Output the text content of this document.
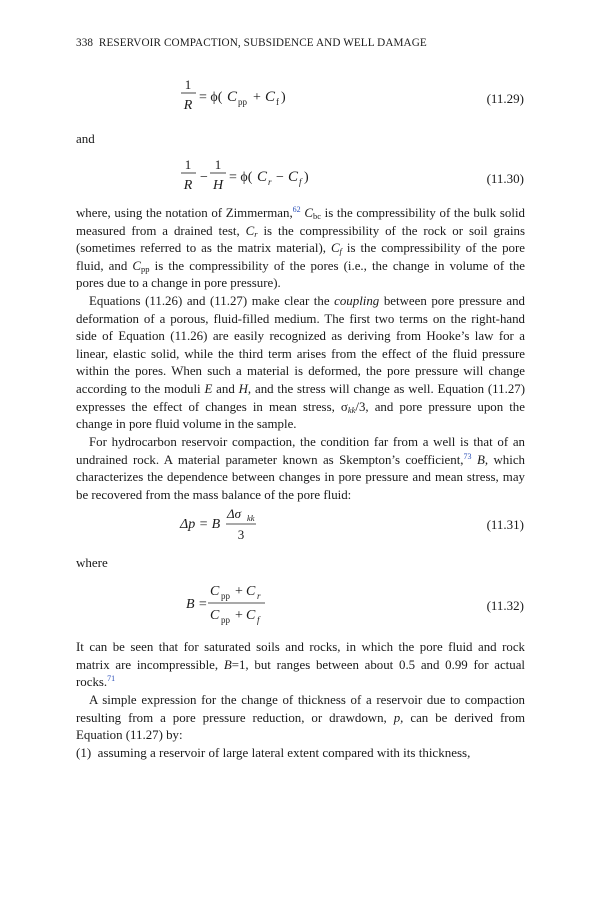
338 RESERVOIR COMPACTION, SUBSIDENCE AND WELL DAMAGE
1
R
= ϕ( C pp + C f )	(11.29)
and
1
R
−
1
H
= ϕ( C r − C f )	(11.30)

where, using the notation of Zimmerman,$^{62}$ $C_{bc}$ is the compressibility of the bulk solid measured from a drained test, $C_r$ is the compressibility of the rock or soil grains (sometimes referred to as the matrix material), $C_f$ is the compressibility of the pore fluid, and $C_{pp}$ is the compressibility of the pores (i.e., the change in volume of the pores due to a change in pore pressure).

Equations (11.26) and (11.27) make clear the coupling between pore pressure and deformation of a porous, fluid-filled medium. The first two terms on the right-hand side of Equation (11.26) are easily recognized as deriving from Hooke’s law for a linear, elastic solid, while the third term arises from the effect of the fluid pressure within the pores. When such a material is deformed, the pore pressure will change according to the moduli E and H, and the stress will change as well. Equation (11.27) expresses the effect of changes in mean stress, $\sigma_{kk}/3$, and pore pressure upon the change in pore fluid volume in the sample.

For hydrocarbon reservoir compaction, the condition far from a well is that of an undrained rock. A material parameter known as Skempton’s coefficient,$^{73}$ B, which characterizes the dependence between changes in pore pressure and mean stress, may be recovered from the mass balance of the pore fluid:

Δp = B
Δσ kk
3
(11.31)
where
B =
C pp + C r
C pp + C f
(11.32)

It can be seen that for saturated soils and rocks, in which the pore fluid and rock matrix are incompressible, B=1, but ranges between about 0.5 and 0.99 for actual rocks.$^{71}$

A simple expression for the change of thickness of a reservoir due to compaction resulting from a pore pressure reduction, or drawdown, p, can be derived from Equation (11.27) by:

(1) assuming a reservoir of large lateral extent compared with its thickness,
